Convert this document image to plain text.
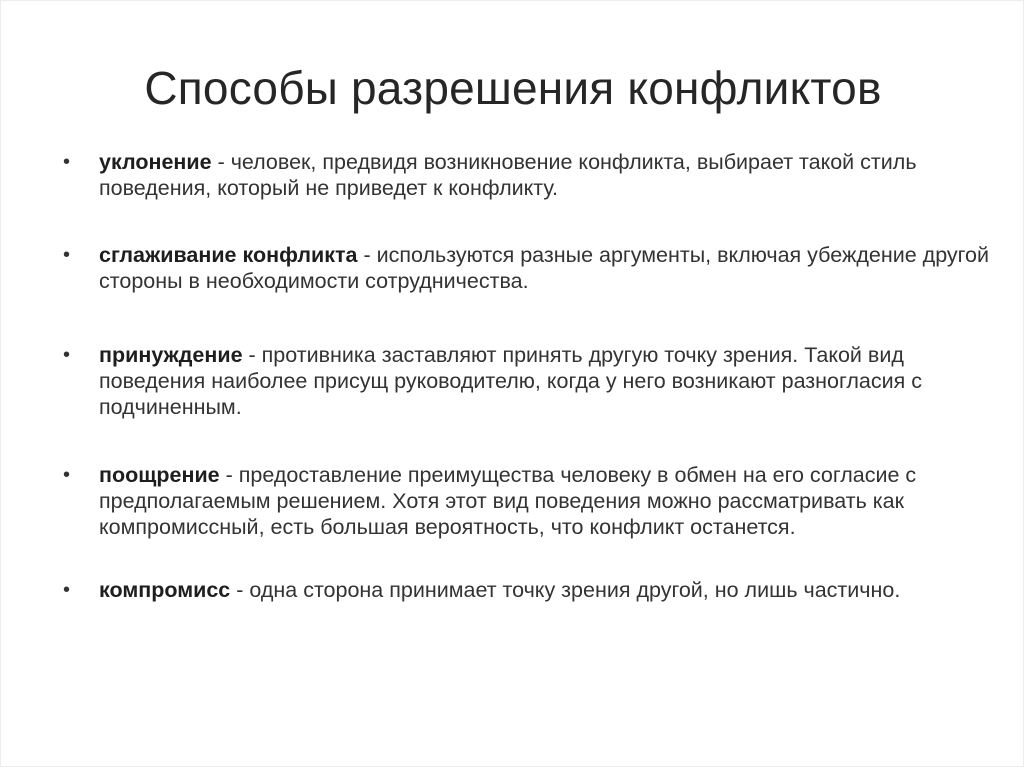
Способы разрешения конфликтов
• уклонение - человек, предвидя возникновение конфликта, выбирает такой стиль поведения, который не приведет к конфликту.
• сглаживание конфликта - используются разные аргументы, включая убеждение другой стороны в необходимости сотрудничества.
• принуждение - противника заставляют принять другую точку зрения. Такой вид поведения наиболее присущ руководителю, когда у него возникают разногласия с подчиненным.
• поощрение - предоставление преимущества человеку в обмен на его согласие с предполагаемым решением. Хотя этот вид поведения можно рассматривать как компромиссный, есть большая вероятность, что конфликт останется.
• компромисс - одна сторона принимает точку зрения другой, но лишь частично.
